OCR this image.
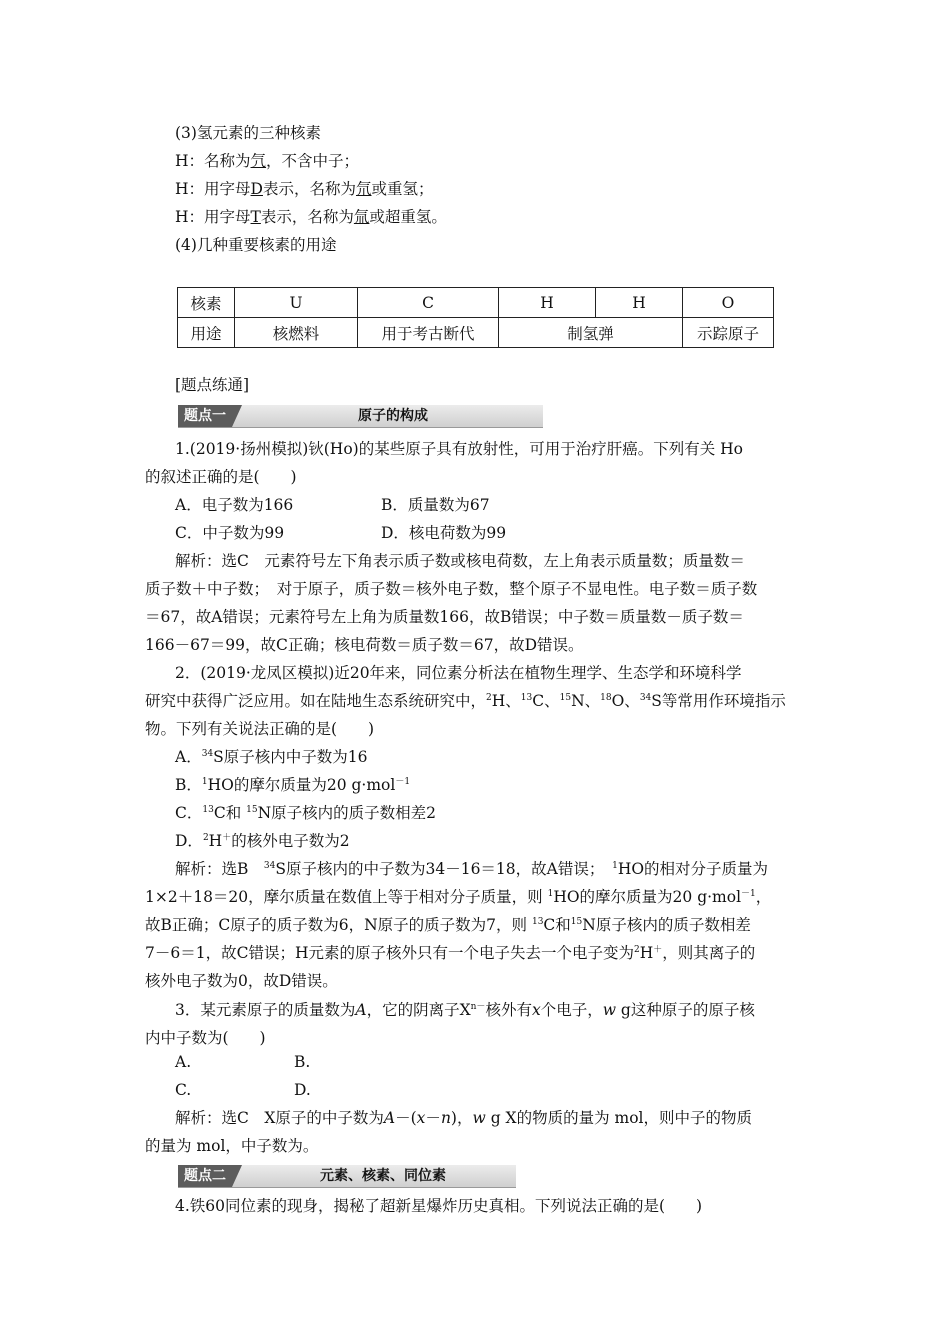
(3)氢元素的三种核素
H：名称为氕，不含中子；
H：用字母D表示，名称为氘或重氢；
H：用字母T表示，名称为氚或超重氢。
(4)几种重要核素的用途
核素	U	C	H	H	O
用途	核燃料	用于考古断代	制氢弹		示踪原子
[题点练通]
题点一	原子的构成
1.(2019·扬州模拟)钬(Ho)的某些原子具有放射性，可用于治疗肝癌。下列有关 Ho
的叙述正确的是(　　)
A．电子数为166	B．质量数为67
C．中子数为99	D．核电荷数为99
解析：选C　元素符号左下角表示质子数或核电荷数，左上角表示质量数；质量数＝
质子数＋中子数；　对于原子，质子数＝核外电子数，整个原子不显电性。电子数＝质子数
＝67，故A错误；元素符号左上角为质量数166，故B错误；中子数＝质量数－质子数＝
166－67＝99，故C正确；核电荷数＝质子数＝67，故D错误。
2．(2019·龙凤区模拟)近20年来，同位素分析法在植物生理学、生态学和环境科学
研究中获得广泛应用。如在陆地生态系统研究中，$^2$H、$^{13}$C、$^{15}$N、$^{18}$O、$^{34}$S等常用作环境指示
物。下列有关说法正确的是(　　)
A．$^{34}$S原子核内中子数为16
B．$^1$HO的摩尔质量为20 g·mol$^{-1}$
C．$^{13}$C和 $^{15}$N原子核内的质子数相差2
D．$^2$H＋的核外电子数为2
解析：选B　$^{34}$S原子核内的中子数为34－16＝18，故A错误；　$^1$HO的相对分子质量为
1×2＋18＝20，摩尔质量在数值上等于相对分子质量，则 $^1$HO的摩尔质量为20 g·mol$^{-1}$，
故B正确；C原子的质子数为6，N原子的质子数为7，则 $^{13}$C和$^{15}$N原子核内的质子数相差
7－6＝1，故C错误；H元素的原子核外只有一个电子失去一个电子变为$^2$H＋，则其离子的
核外电子数为0，故D错误。
3．某元素原子的质量数为A，它的阴离子$X^{n-}$核外有x个电子，w g这种原子的原子核
内中子数为(　　)
A.	B.
C.	D.
解析：选C　X原子的中子数为A－(x－n)，w g X的物质的量为 mol，则中子的物质
的量为 mol，中子数为。
题点二	元素、核素、同位素
4.铁60同位素的现身，揭秘了超新星爆炸历史真相。下列说法正确的是(　　)
